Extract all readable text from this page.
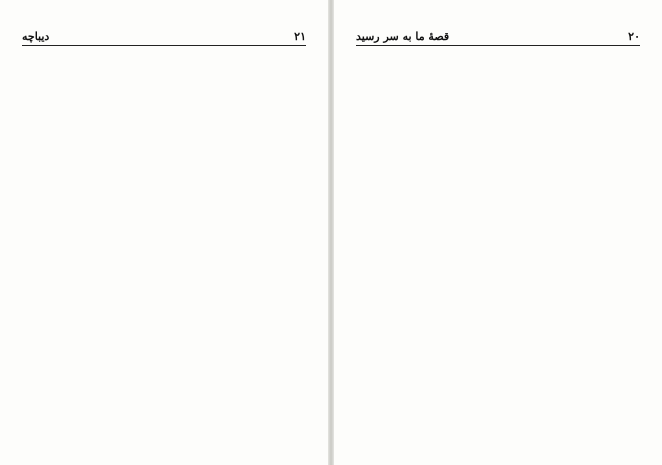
۲۱
دیباچه	۲۰
قصهٔ ما به سر رسید
